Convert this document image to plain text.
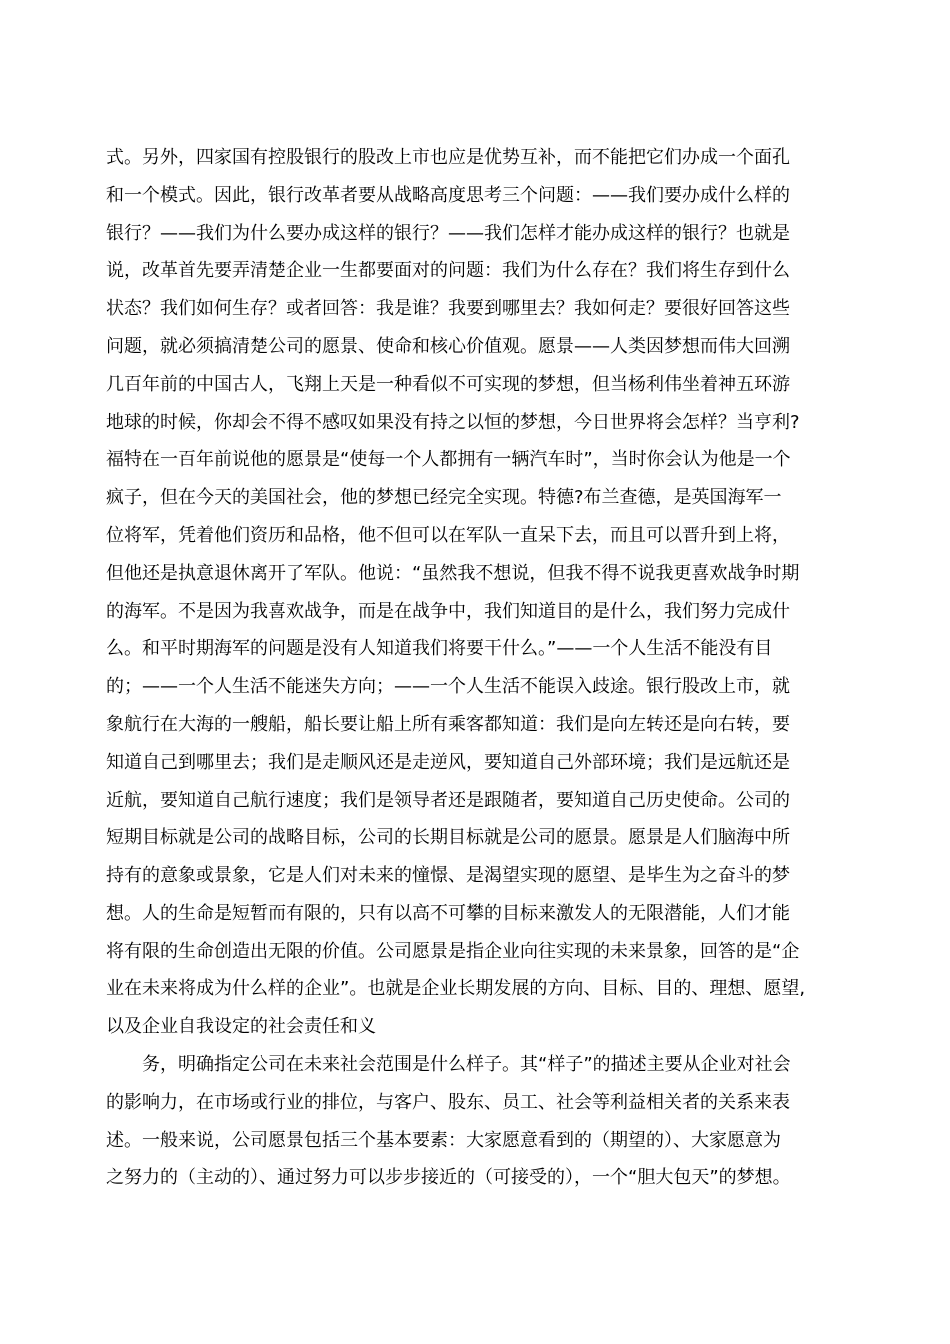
式。另外，四家国有控股银行的股改上市也应是优势互补，而不能把它们办成一个面孔
和一个模式。因此，银行改革者要从战略高度思考三个问题：——我们要办成什么样的
银行？——我们为什么要办成这样的银行？——我们怎样才能办成这样的银行？也就是
说，改革首先要弄清楚企业一生都要面对的问题：我们为什么存在？我们将生存到什么
状态？我们如何生存？或者回答：我是谁？我要到哪里去？我如何走？要很好回答这些
问题，就必须搞清楚公司的愿景、使命和核心价值观。愿景——人类因梦想而伟大回溯
几百年前的中国古人，飞翔上天是一种看似不可实现的梦想，但当杨利伟坐着神五环游
地球的时候，你却会不得不感叹如果没有持之以恒的梦想，今日世界将会怎样？当亨利?
福特在一百年前说他的愿景是“使每一个人都拥有一辆汽车时”，当时你会认为他是一个
疯子，但在今天的美国社会，他的梦想已经完全实现。特德?布兰查德，是英国海军一
位将军，凭着他们资历和品格，他不但可以在军队一直呆下去，而且可以晋升到上将，
但他还是执意退休离开了军队。他说：“虽然我不想说，但我不得不说我更喜欢战争时期
的海军。不是因为我喜欢战争，而是在战争中，我们知道目的是什么，我们努力完成什
么。和平时期海军的问题是没有人知道我们将要干什么。”——一个人生活不能没有目
的；——一个人生活不能迷失方向；——一个人生活不能误入歧途。银行股改上市，就
象航行在大海的一艘船，船长要让船上所有乘客都知道：我们是向左转还是向右转，要
知道自己到哪里去；我们是走顺风还是走逆风，要知道自己外部环境；我们是远航还是
近航，要知道自己航行速度；我们是领导者还是跟随者，要知道自己历史使命。公司的
短期目标就是公司的战略目标，公司的长期目标就是公司的愿景。愿景是人们脑海中所
持有的意象或景象，它是人们对未来的憧憬、是渴望实现的愿望、是毕生为之奋斗的梦
想。人的生命是短暂而有限的，只有以高不可攀的目标来激发人的无限潜能，人们才能
将有限的生命创造出无限的价值。公司愿景是指企业向往实现的未来景象，回答的是“企
业在未来将成为什么样的企业”。也就是企业长期发展的方向、目标、目的、理想、愿望,
以及企业自我设定的社会责任和义
务，明确指定公司在未来社会范围是什么样子。其“样子”的描述主要从企业对社会
的影响力，在市场或行业的排位，与客户、股东、员工、社会等利益相关者的关系来表
述。一般来说，公司愿景包括三个基本要素：大家愿意看到的（期望的）、大家愿意为
之努力的（主动的）、通过努力可以步步接近的（可接受的），一个“胆大包天”的梦想。
